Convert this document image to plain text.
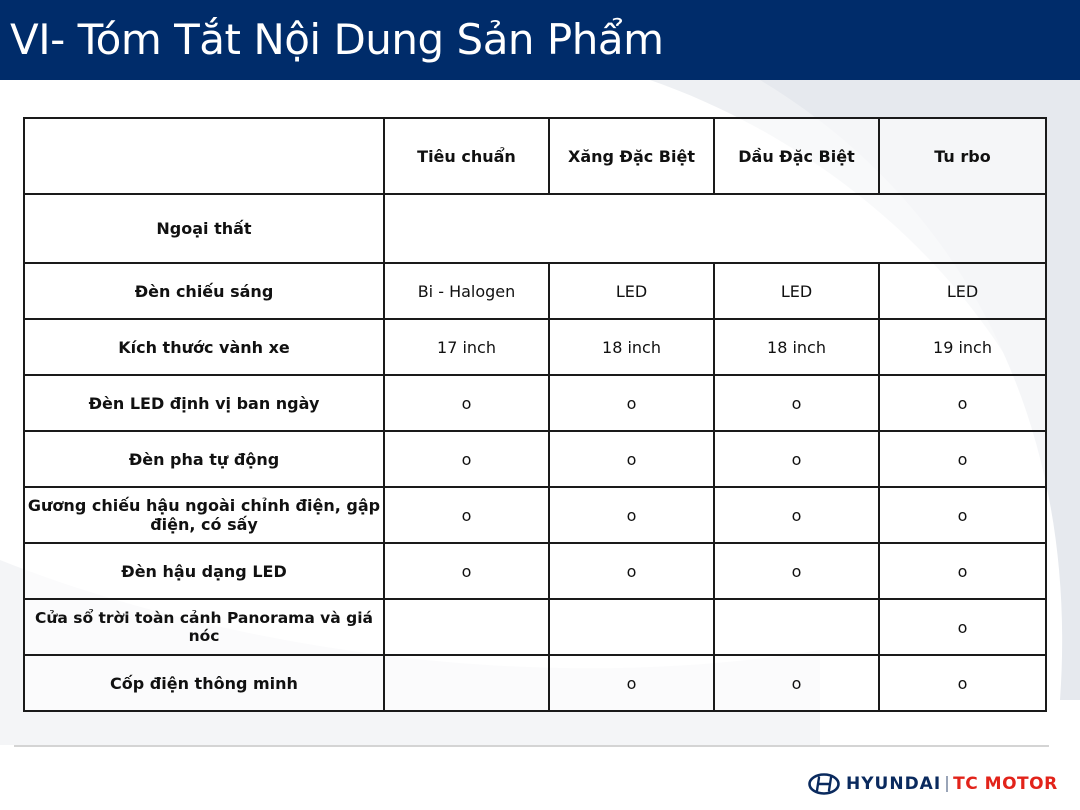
VI- Tóm Tắt Nội Dung Sản Phẩm
	Tiêu chuẩn	Xăng Đặc Biệt	Dầu Đặc Biệt	Tu rbo
Ngoại thất				
Đèn chiếu sáng	Bi - Halogen	LED	LED	LED
Kích thước vành xe	17 inch	18 inch	18 inch	19 inch
Đèn LED định vị ban ngày	o	o	o	o
Đèn pha tự động	o	o	o	o
Gương chiếu hậu ngoài chỉnh điện, gập điện, có sấy	o	o	o	o
Đèn hậu dạng LED	o	o	o	o
Cửa sổ trời toàn cảnh Panorama và giá nóc				o
Cốp điện thông minh		o	o	o
HYUNDAI TC MOTOR
